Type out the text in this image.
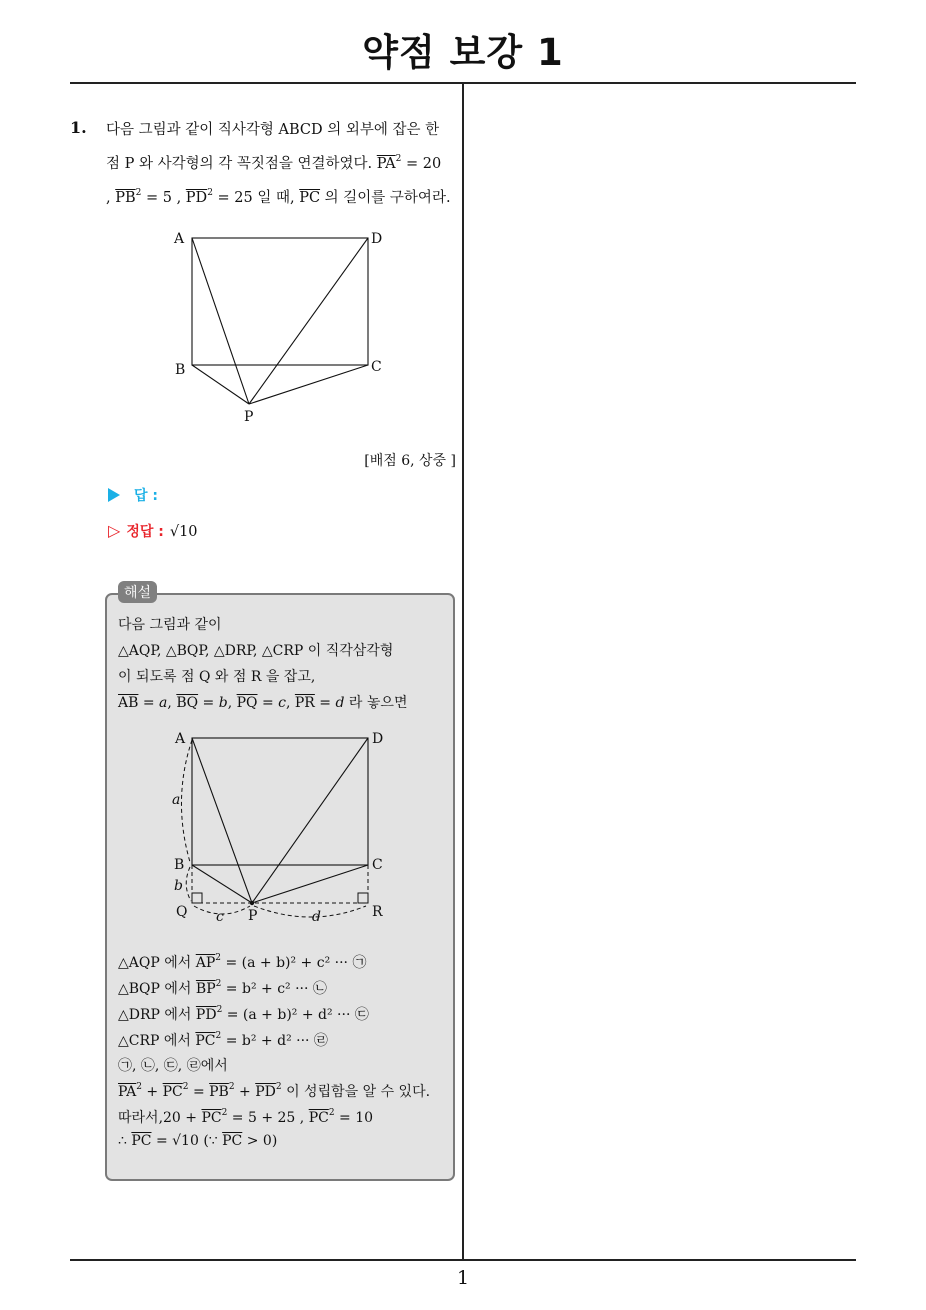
약점 보강 1
1. 다음 그림과 같이 직사각형 ABCD 의 외부에 잡은 한
점 P 와 사각형의 각 꼭짓점을 연결하였다. $\overline{PA}^2 = 20$
, $\overline{PB}^2 = 5$ , $\overline{PD}^2 = 25$ 일 때, $\overline{PC}$ 의 길이를 구하여라.
A	D
B	C
P
[배점 6, 상중 ]
답 :
▷ 정답 : √10
해설
다음 그림과 같이
△AQP, △BQP, △DRP, △CRP 이 직각삼각형
이 되도록 점 Q 와 점 R 을 잡고,
$\overline{AB} = a$, $\overline{BQ} = b$, $\overline{PQ} = c$, $\overline{PR} = d$ 라 놓으면
A	D
B	C
Q	P	R
a
b
c	d
△AQP 에서 $\overline{AP}^2 = (a + b)^2 + c^2$ ··· ㉠
△BQP 에서 $\overline{BP}^2 = b^2 + c^2$ ··· ㉡
△DRP 에서 $\overline{PD}^2 = (a + b)^2 + d^2$ ··· ㉢
△CRP 에서 $\overline{PC}^2 = b^2 + d^2$ ··· ㉣
㉠, ㉡, ㉢, ㉣에서
$\overline{PA}^2 + \overline{PC}^2 = \overline{PB}^2 + \overline{PD}^2$ 이 성립함을 알 수 있다.
따라서$,20 + \overline{PC}^2 = 5 + 25$ , $\overline{PC}^2 = 10$
∴ $\overline{PC} = √10$ (∵ $\overline{PC} > 0$)
1
